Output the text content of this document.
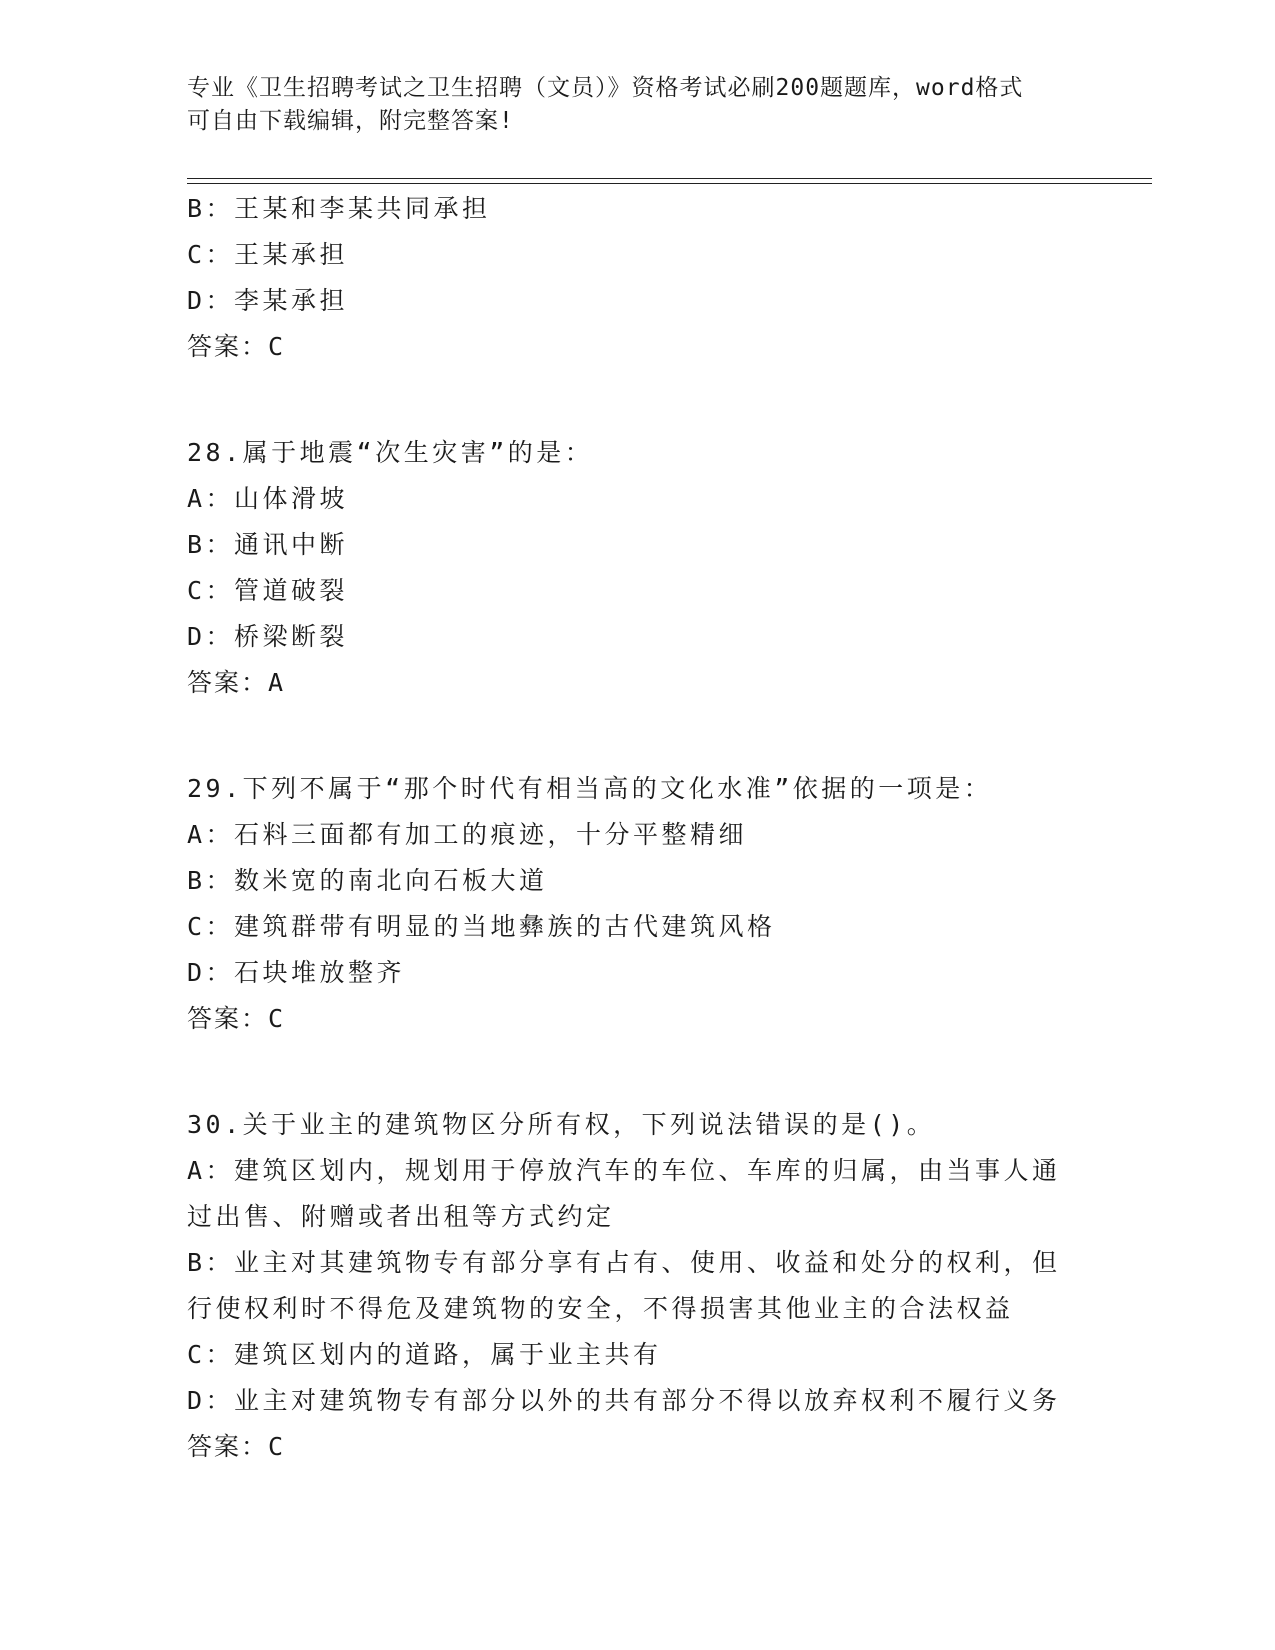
专业《卫生招聘考试之卫生招聘（文员）》资格考试必刷200题题库，word格式
可自由下载编辑，附完整答案!
B：王某和李某共同承担
C：王某承担
D：李某承担
答案：C
28.属于地震“次生灾害”的是：
A：山体滑坡
B：通讯中断
C：管道破裂
D：桥梁断裂
答案：A
29.下列不属于“那个时代有相当高的文化水准”依据的一项是：
A：石料三面都有加工的痕迹，十分平整精细
B：数米宽的南北向石板大道
C：建筑群带有明显的当地彝族的古代建筑风格
D：石块堆放整齐
答案：C
30.关于业主的建筑物区分所有权，下列说法错误的是()。
A：建筑区划内，规划用于停放汽车的车位、车库的归属，由当事人通过出售、附赠或者出租等方式约定
B：业主对其建筑物专有部分享有占有、使用、收益和处分的权利，但行使权利时不得危及建筑物的安全，不得损害其他业主的合法权益
C：建筑区划内的道路，属于业主共有
D：业主对建筑物专有部分以外的共有部分不得以放弃权利不履行义务
答案：C
